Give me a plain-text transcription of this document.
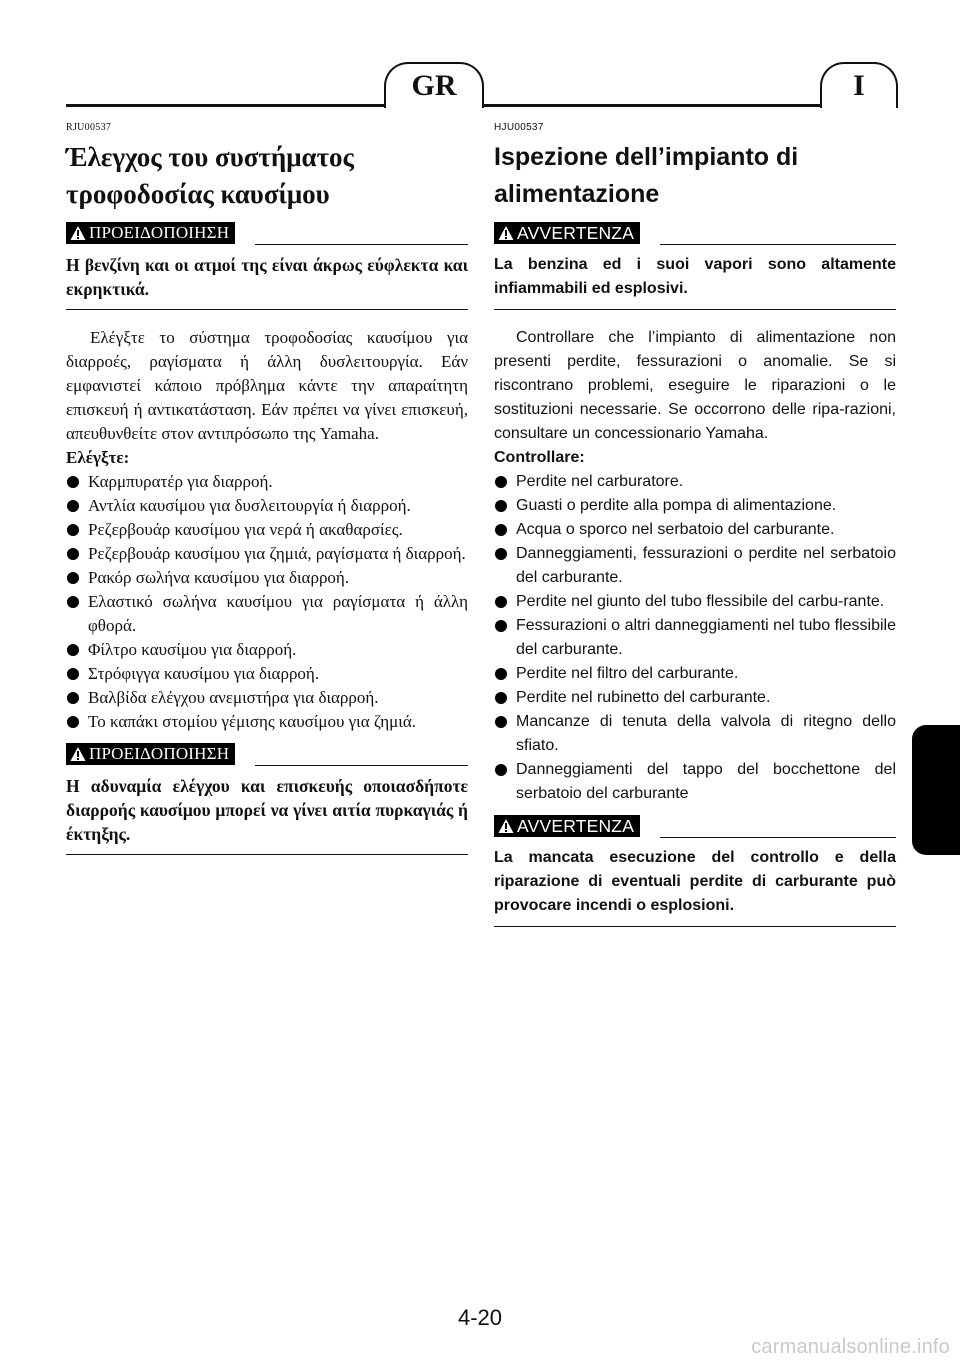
GR	I

RJU00537

Έλεγχος του συστήματος
τροφοδοσίας καυσίμου
ΠΡΟΕΙΔΟΠΟΙΗΣΗ

Η βενζίνη και οι ατμοί της είναι άκρως εύφλεκτα και εκρηκτικά.

Ελέγξτε το σύστημα τροφοδοσίας καυσίμου για διαρροές, ραγίσματα ή άλλη δυσλειτουργία. Εάν εμφανιστεί κάποιο πρόβλημα κάντε την απαραίτητη επισκευή ή αντικατάσταση. Εάν πρέπει να γίνει επισκευή, απευθυνθείτε στον αντιπρόσωπο της Yamaha.

Ελέγξτε:

Καρμπυρατέρ για διαρροή.
Αντλία καυσίμου για δυσλειτουργία ή διαρροή.
Ρεζερβουάρ καυσίμου για νερά ή ακαθαρσίες.
Ρεζερβουάρ καυσίμου για ζημιά, ραγίσματα ή διαρροή.
Ρακόρ σωλήνα καυσίμου για διαρροή.
Ελαστικό σωλήνα καυσίμου για ραγίσματα ή άλλη φθορά.
Φίλτρο καυσίμου για διαρροή.
Στρόφιγγα καυσίμου για διαρροή.
Βαλβίδα ελέγχου ανεμιστήρα για διαρροή.
Το καπάκι στομίου γέμισης καυσίμου για ζημιά.
ΠΡΟΕΙΔΟΠΟΙΗΣΗ

Η αδυναμία ελέγχου και επισκευής οποιασδήποτε διαρροής καυσίμου μπορεί να γίνει αιτία πυρκαγιάς ή έκτηξης.

HJU00537

Ispezione dell’impianto di
alimentazione
AVVERTENZA

La benzina ed i suoi vapori sono altamente infiammabili ed esplosivi.

Controllare che l’impianto di alimentazione non presenti perdite, fessurazioni o anomalie. Se si riscontrano problemi, eseguire le riparazioni o le sostituzioni necessarie. Se occorrono delle ripa-razioni, consultare un concessionario Yamaha.

Controllare:

Perdite nel carburatore.
Guasti o perdite alla pompa di alimentazione.
Acqua o sporco nel serbatoio del carburante.
Danneggiamenti, fessurazioni o perdite nel serbatoio del carburante.
Perdite nel giunto del tubo flessibile del carbu-rante.
Fessurazioni o altri danneggiamenti nel tubo flessibile del carburante.
Perdite nel filtro del carburante.
Perdite nel rubinetto del carburante.
Mancanze di tenuta della valvola di ritegno dello sfiato.
Danneggiamenti del tappo del bocchettone del serbatoio del carburante
AVVERTENZA

La mancata esecuzione del controllo e della riparazione di eventuali perdite di carburante può provocare incendi o esplosioni.

4-20
carmanualsonline.info
